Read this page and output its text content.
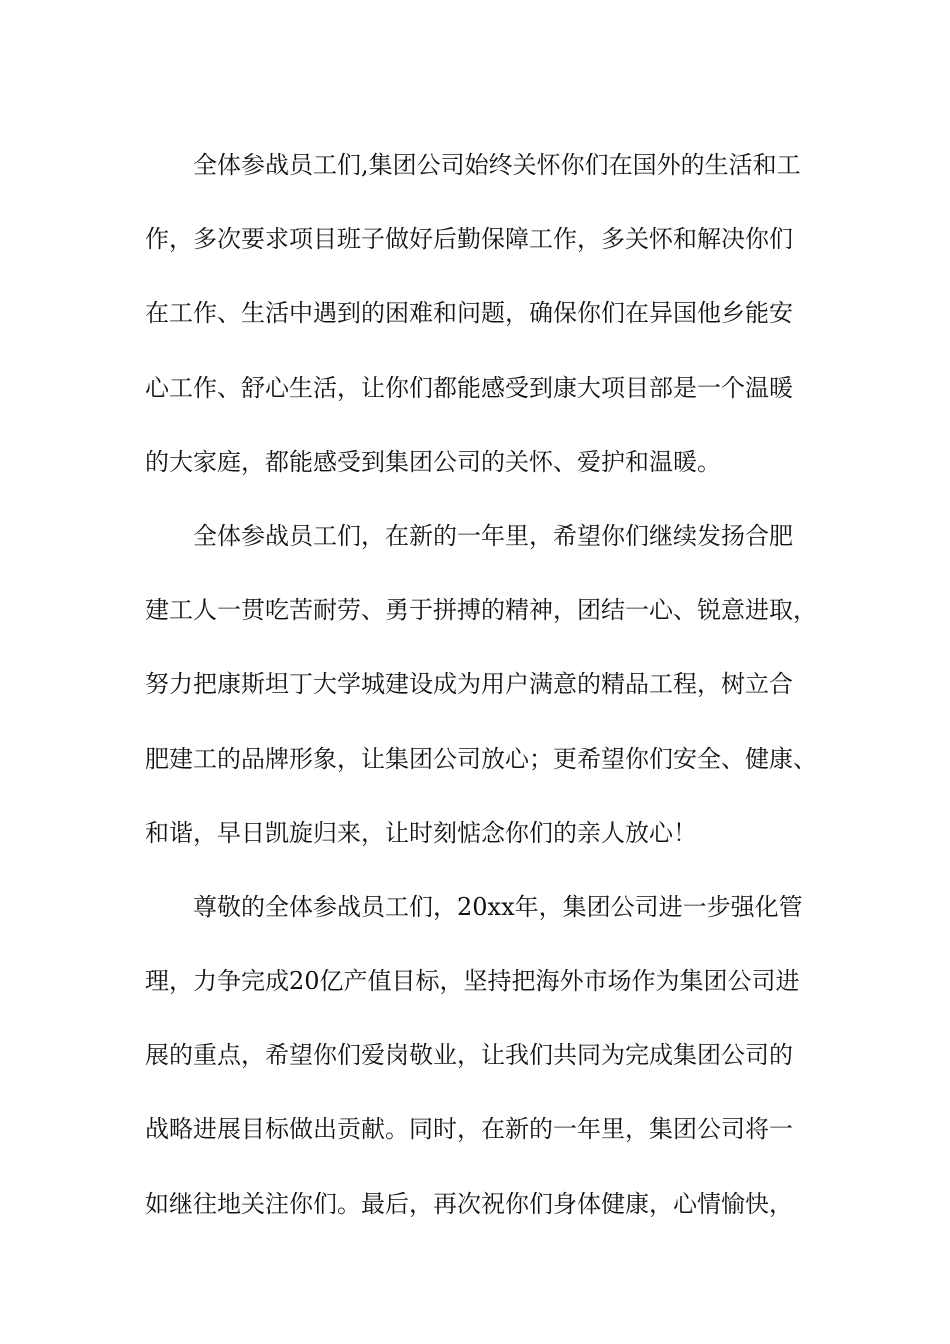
全体参战员工们,集团公司始终关怀你们在国外的生活和工
作，多次要求项目班子做好后勤保障工作，多关怀和解决你们
在工作、生活中遇到的困难和问题，确保你们在异国他乡能安
心工作、舒心生活，让你们都能感受到康大项目部是一个温暖
的大家庭，都能感受到集团公司的关怀、爱护和温暖。
全体参战员工们，在新的一年里，希望你们继续发扬合肥
建工人一贯吃苦耐劳、勇于拼搏的精神，团结一心、锐意进取，
努力把康斯坦丁大学城建设成为用户满意的精品工程，树立合
肥建工的品牌形象，让集团公司放心；更希望你们安全、健康、
和谐，早日凯旋归来，让时刻惦念你们的亲人放心！
尊敬的全体参战员工们，20xx年，集团公司进一步强化管
理，力争完成20亿产值目标，坚持把海外市场作为集团公司进
展的重点，希望你们爱岗敬业，让我们共同为完成集团公司的
战略进展目标做出贡献。同时，在新的一年里，集团公司将一
如继往地关注你们。最后，再次祝你们身体健康，心情愉快，
